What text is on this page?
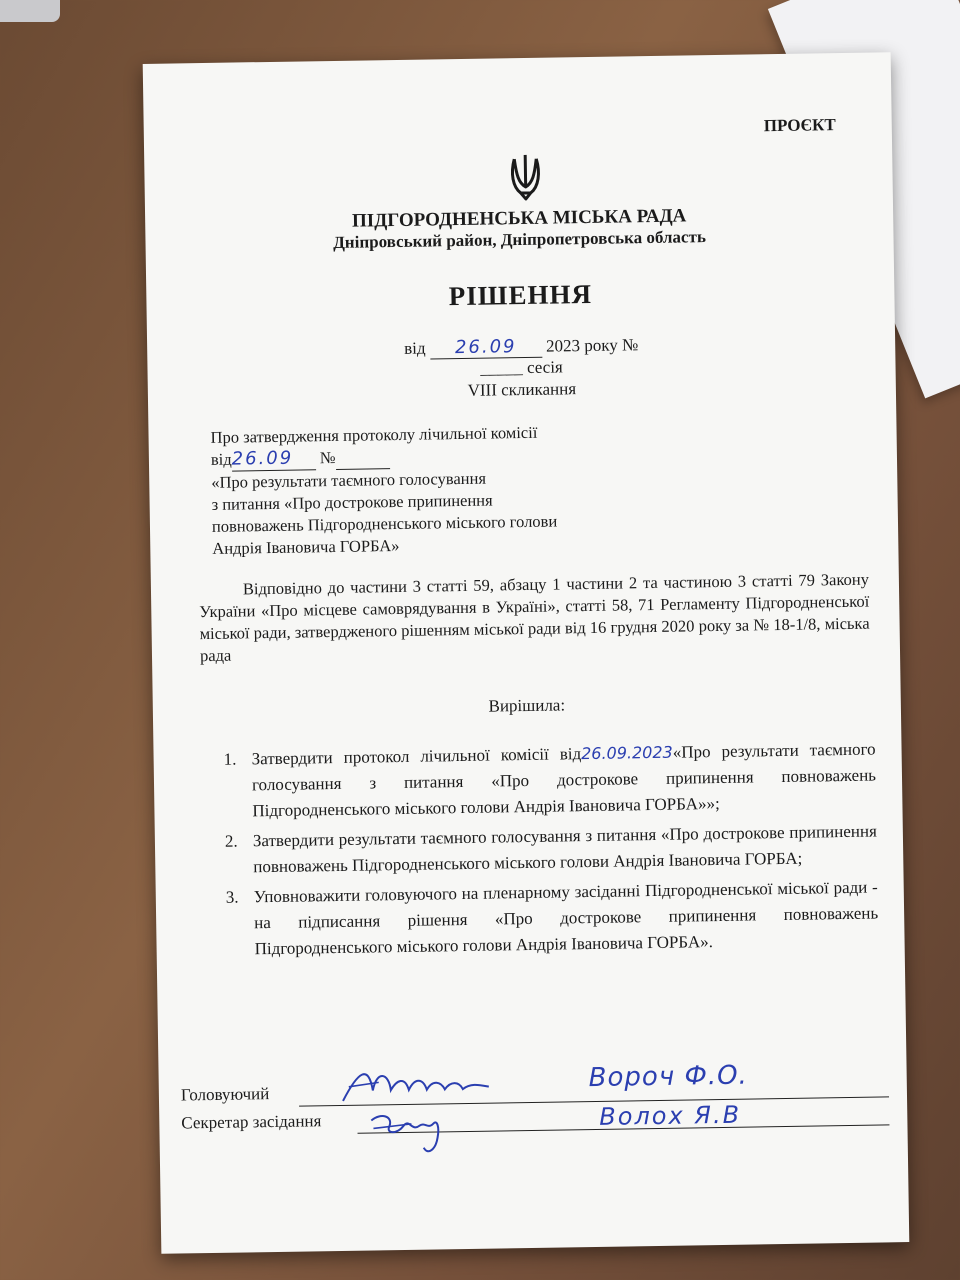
ПРОЄКТ
ПІДГОРОДНЕНСЬКА МІСЬКА РАДА
Дніпровський район, Дніпропетровська область
РІШЕННЯ
від 26.09 2023 року №
_____ сесія
VIII скликання
Про затвердження протоколу лічильної комісії
від26.09 №
«Про результати таємного голосування
з питання «Про дострокове припинення
повноважень Підгородненського міського голови
Андрія Івановича ГОРБА»
Відповідно до частини 3 статті 59, абзацу 1 частини 2 та частиною 3 статті 79 Закону України «Про місцеве самоврядування в Україні», статті 58, 71 Регламенту Підгородненської міської ради, затвердженого рішенням міської ради від 16 грудня 2020 року за № 18-1/8, міська рада
Вирішила:
1. Затвердити протокол лічильної комісії від26.09.2023«Про результати таємного голосування з питання «Про дострокове припинення повноважень Підгородненського міського голови Андрія Івановича ГОРБА»»;
2. Затвердити результати таємного голосування з питання «Про дострокове припинення повноважень Підгородненського міського голови Андрія Івановича ГОРБА;
3. Уповноважити головуючого на пленарному засіданні Підгородненської міської ради - на підписання рішення «Про дострокове припинення повноважень Підгородненського міського голови Андрія Івановича ГОРБА».
Головуючий
Вороч Ф.О.
Секретар засідання	Волох Я.В
